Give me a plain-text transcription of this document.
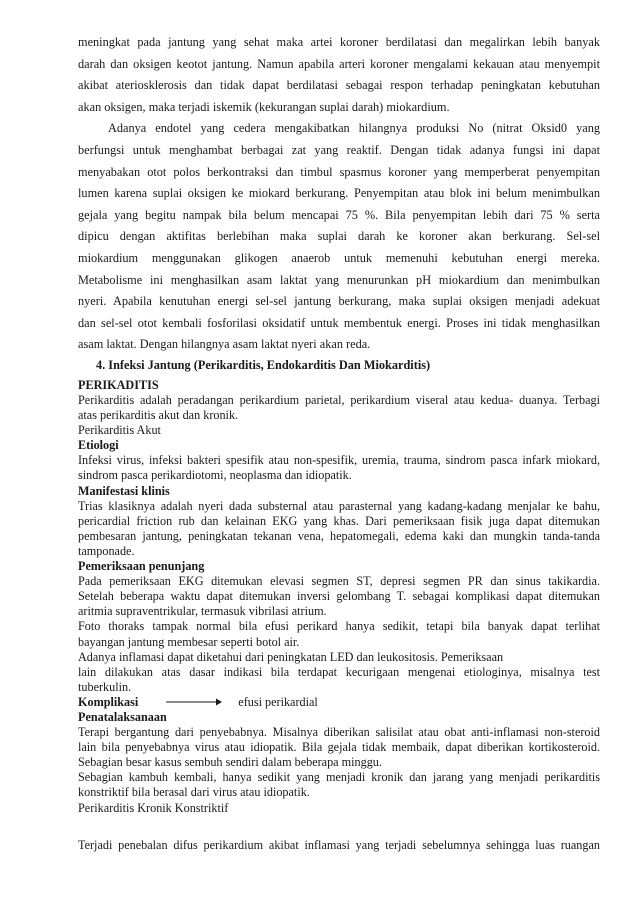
meningkat pada jantung yang sehat maka artei koroner berdilatasi dan megalirkan lebih banyak
darah dan oksigen keotot jantung. Namun apabila arteri koroner mengalami kekauan atau menyempit
akibat ateriosklerosis dan tidak dapat berdilatasi sebagai respon terhadap peningkatan kebutuhan
akan oksigen, maka terjadi iskemik (kekurangan suplai darah) miokardium.
Adanya endotel yang cedera mengakibatkan hilangnya produksi No (nitrat Oksid0 yang
berfungsi untuk menghambat berbagai zat yang reaktif. Dengan tidak adanya fungsi ini dapat
menyabakan otot polos berkontraksi dan timbul spasmus koroner yang memperberat penyempitan
lumen karena suplai oksigen ke miokard berkurang. Penyempitan atau blok ini belum menimbulkan
gejala yang begitu nampak bila belum mencapai 75 %. Bila penyempitan lebih dari 75 % serta
dipicu dengan aktifitas berlebihan maka suplai darah ke koroner akan berkurang. Sel-sel
miokardium menggunakan glikogen anaerob untuk memenuhi kebutuhan energi mereka.
Metabolisme ini menghasilkan asam laktat yang menurunkan pH miokardium dan menimbulkan
nyeri. Apabila kenutuhan energi sel-sel jantung berkurang, maka suplai oksigen menjadi adekuat
dan sel-sel otot kembali fosforilasi oksidatif untuk membentuk energi. Proses ini tidak menghasilkan
asam laktat. Dengan hilangnya asam laktat nyeri akan reda.
4. Infeksi Jantung (Perikarditis, Endokarditis Dan Miokarditis)
PERIKADITIS
Perikarditis adalah peradangan perikardium parietal, perikardium viseral atau kedua- duanya. Terbagi
atas perikarditis akut dan kronik.
Perikarditis Akut
Etiologi
Infeksi virus, infeksi bakteri spesifik atau non-spesifik, uremia, trauma, sindrom pasca infark miokard,
sindrom pasca perikardiotomi, neoplasma dan idiopatik.
Manifestasi klinis
Trias klasiknya adalah nyeri dada substernal atau parasternal yang kadang-kadang menjalar ke bahu,
pericardial friction rub dan kelainan EKG yang khas. Dari pemeriksaan fisik juga dapat ditemukan
pembesaran jantung, peningkatan tekanan vena, hepatomegali, edema kaki dan mungkin tanda-tanda
tamponade.
Pemeriksaan penunjang
Pada pemeriksaan EKG ditemukan elevasi segmen ST, depresi segmen PR dan sinus takikardia.
Setelah beberapa waktu dapat ditemukan inversi gelombang T. sebagai komplikasi dapat ditemukan
aritmia supraventrikular, termasuk vibrilasi atrium.
Foto thoraks tampak normal bila efusi perikard hanya sedikit, tetapi bila banyak dapat terlihat
bayangan jantung membesar seperti botol air.
Adanya inflamasi dapat diketahui dari peningkatan LED dan leukositosis. Pemeriksaan
lain dilakukan atas dasar indikasi bila terdapat kecurigaan mengenai etiologinya, misalnya test
tuberkulin.
Komplikasi	efusi perikardial
Penatalaksanaan
Terapi bergantung dari penyebabnya. Misalnya diberikan salisilat atau obat anti-inflamasi non-steroid
lain bila penyebabnya virus atau idiopatik. Bila gejala tidak membaik, dapat diberikan kortikosteroid.
Sebagian besar kasus sembuh sendiri dalam beberapa minggu.
Sebagian kambuh kembali, hanya sedikit yang menjadi kronik dan jarang yang menjadi perikarditis
konstriktif bila berasal dari virus atau idiopatik.
Perikarditis Kronik Konstriktif
Terjadi penebalan difus perikardium akibat inflamasi yang terjadi sebelumnya sehingga luas ruangan
